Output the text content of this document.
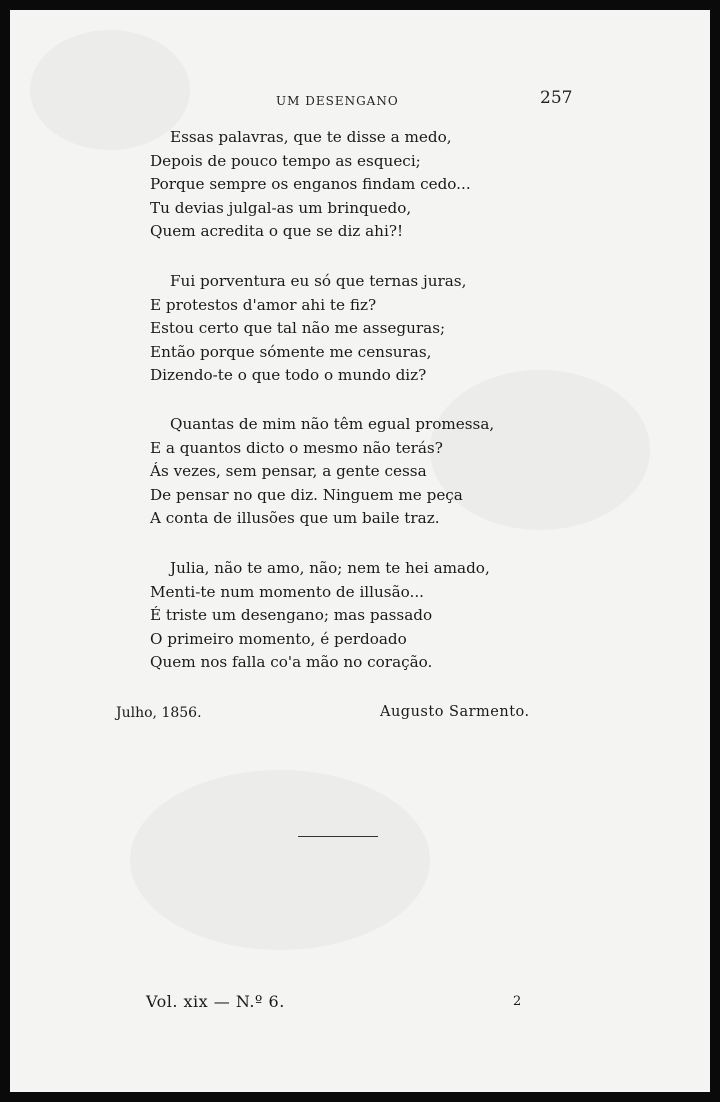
UM DESENGANO	257
Essas palavras, que te disse a medo,
Depois de pouco tempo as esqueci;
Porque sempre os enganos findam cedo...
Tu devias julgal-as um brinquedo,
Quem acredita o que se diz ahi?!
Fui porventura eu só que ternas juras,
E protestos d'amor ahi te fiz?
Estou certo que tal não me asseguras;
Então porque sómente me censuras,
Dizendo-te o que todo o mundo diz?
Quantas de mim não têm egual promessa,
E a quantos dicto o mesmo não terás?
Ás vezes, sem pensar, a gente cessa
De pensar no que diz. Ninguem me peça
A conta de illusões que um baile traz.
Julia, não te amo, não; nem te hei amado,
Menti-te num momento de illusão...
É triste um desengano; mas passado
O primeiro momento, é perdoado
Quem nos falla co'a mão no coração.
Julho, 1856.	Augusto Sarmento.
Vol. xix — N.º 6.	2
